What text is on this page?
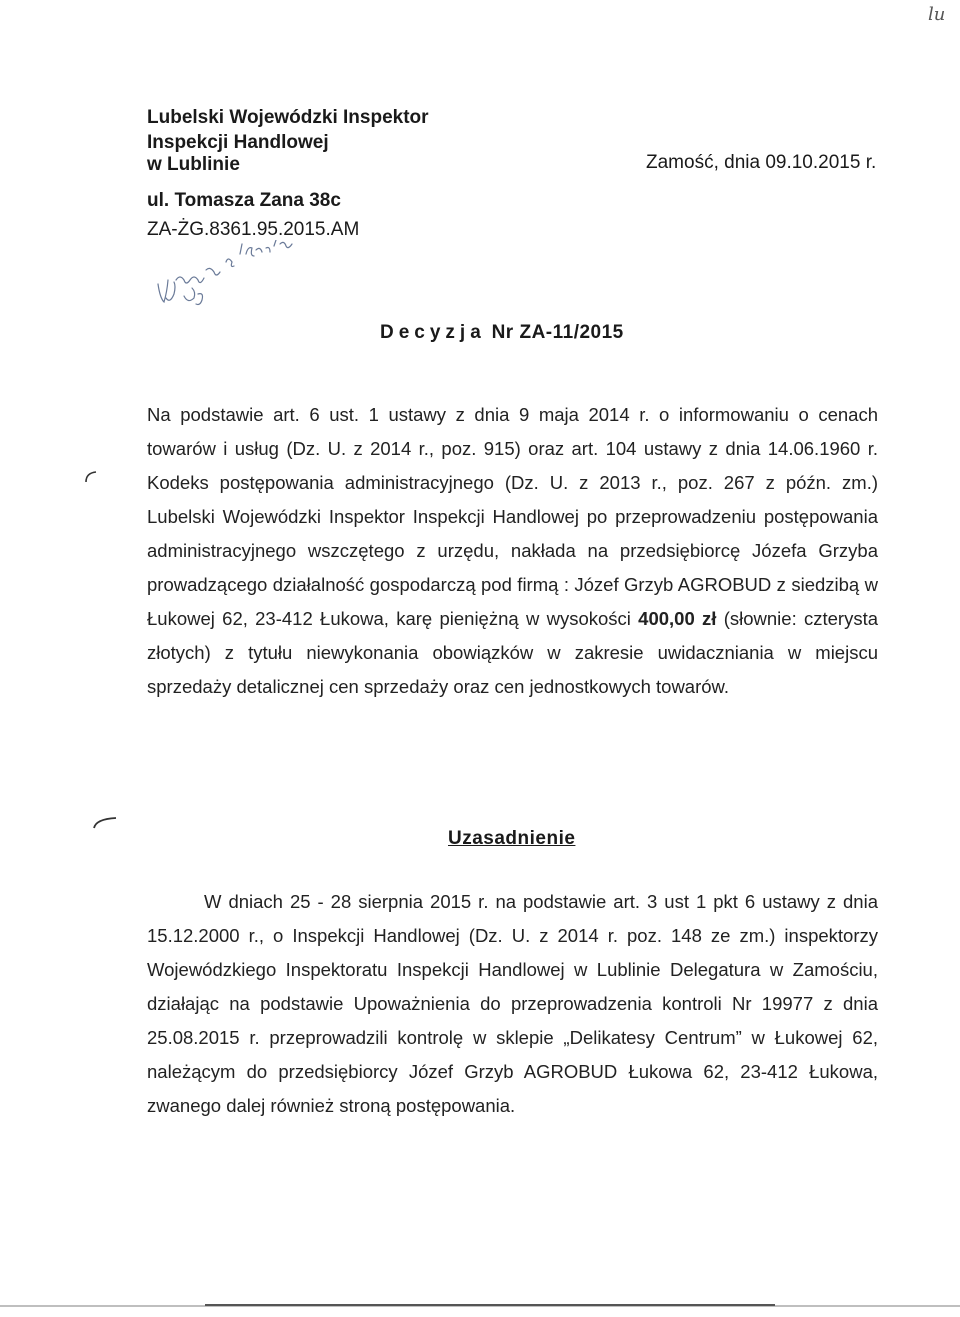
lu
Lubelski Wojewódzki Inspektor
Inspekcji Handlowej
w Lublinie
ul. Tomasza Zana 38c
ZA-ŻG.8361.95.2015.AM
Zamość, dnia 09.10.2015 r.
Decyzja Nr ZA-11/2015
Na podstawie art. 6 ust. 1 ustawy z dnia 9 maja 2014 r. o informowaniu o cenach towarów i usług (Dz. U. z 2014 r., poz. 915) oraz art. 104 ustawy z dnia 14.06.1960 r. Kodeks postępowania administracyjnego (Dz. U. z 2013 r., poz. 267 z późn. zm.) Lubelski Wojewódzki Inspektor Inspekcji Handlowej po przeprowadzeniu postępowania administracyjnego wszczętego z urzędu, nakłada na przedsiębiorcę Józefa Grzyba prowadzącego działalność gospodarczą pod firmą : Józef Grzyb AGROBUD z siedzibą w Łukowej 62, 23-412 Łukowa, karę pieniężną w wysokości 400,00 zł (słownie: czterysta złotych) z tytułu niewykonania obowiązków w zakresie uwidaczniania w miejscu sprzedaży detalicznej cen sprzedaży oraz cen jednostkowych towarów.
Uzasadnienie
W dniach 25 - 28 sierpnia 2015 r. na podstawie art. 3 ust 1 pkt 6 ustawy z dnia 15.12.2000 r., o Inspekcji Handlowej (Dz. U. z 2014 r. poz. 148 ze zm.) inspektorzy Wojewódzkiego Inspektoratu Inspekcji Handlowej w Lublinie Delegatura w Zamościu, działając na podstawie Upoważnienia do przeprowadzenia kontroli Nr 19977 z dnia 25.08.2015 r. przeprowadzili kontrolę w sklepie „Delikatesy Centrum” w Łukowej 62, należącym do przedsiębiorcy Józef Grzyb AGROBUD Łukowa 62, 23-412 Łukowa, zwanego dalej również stroną postępowania.
